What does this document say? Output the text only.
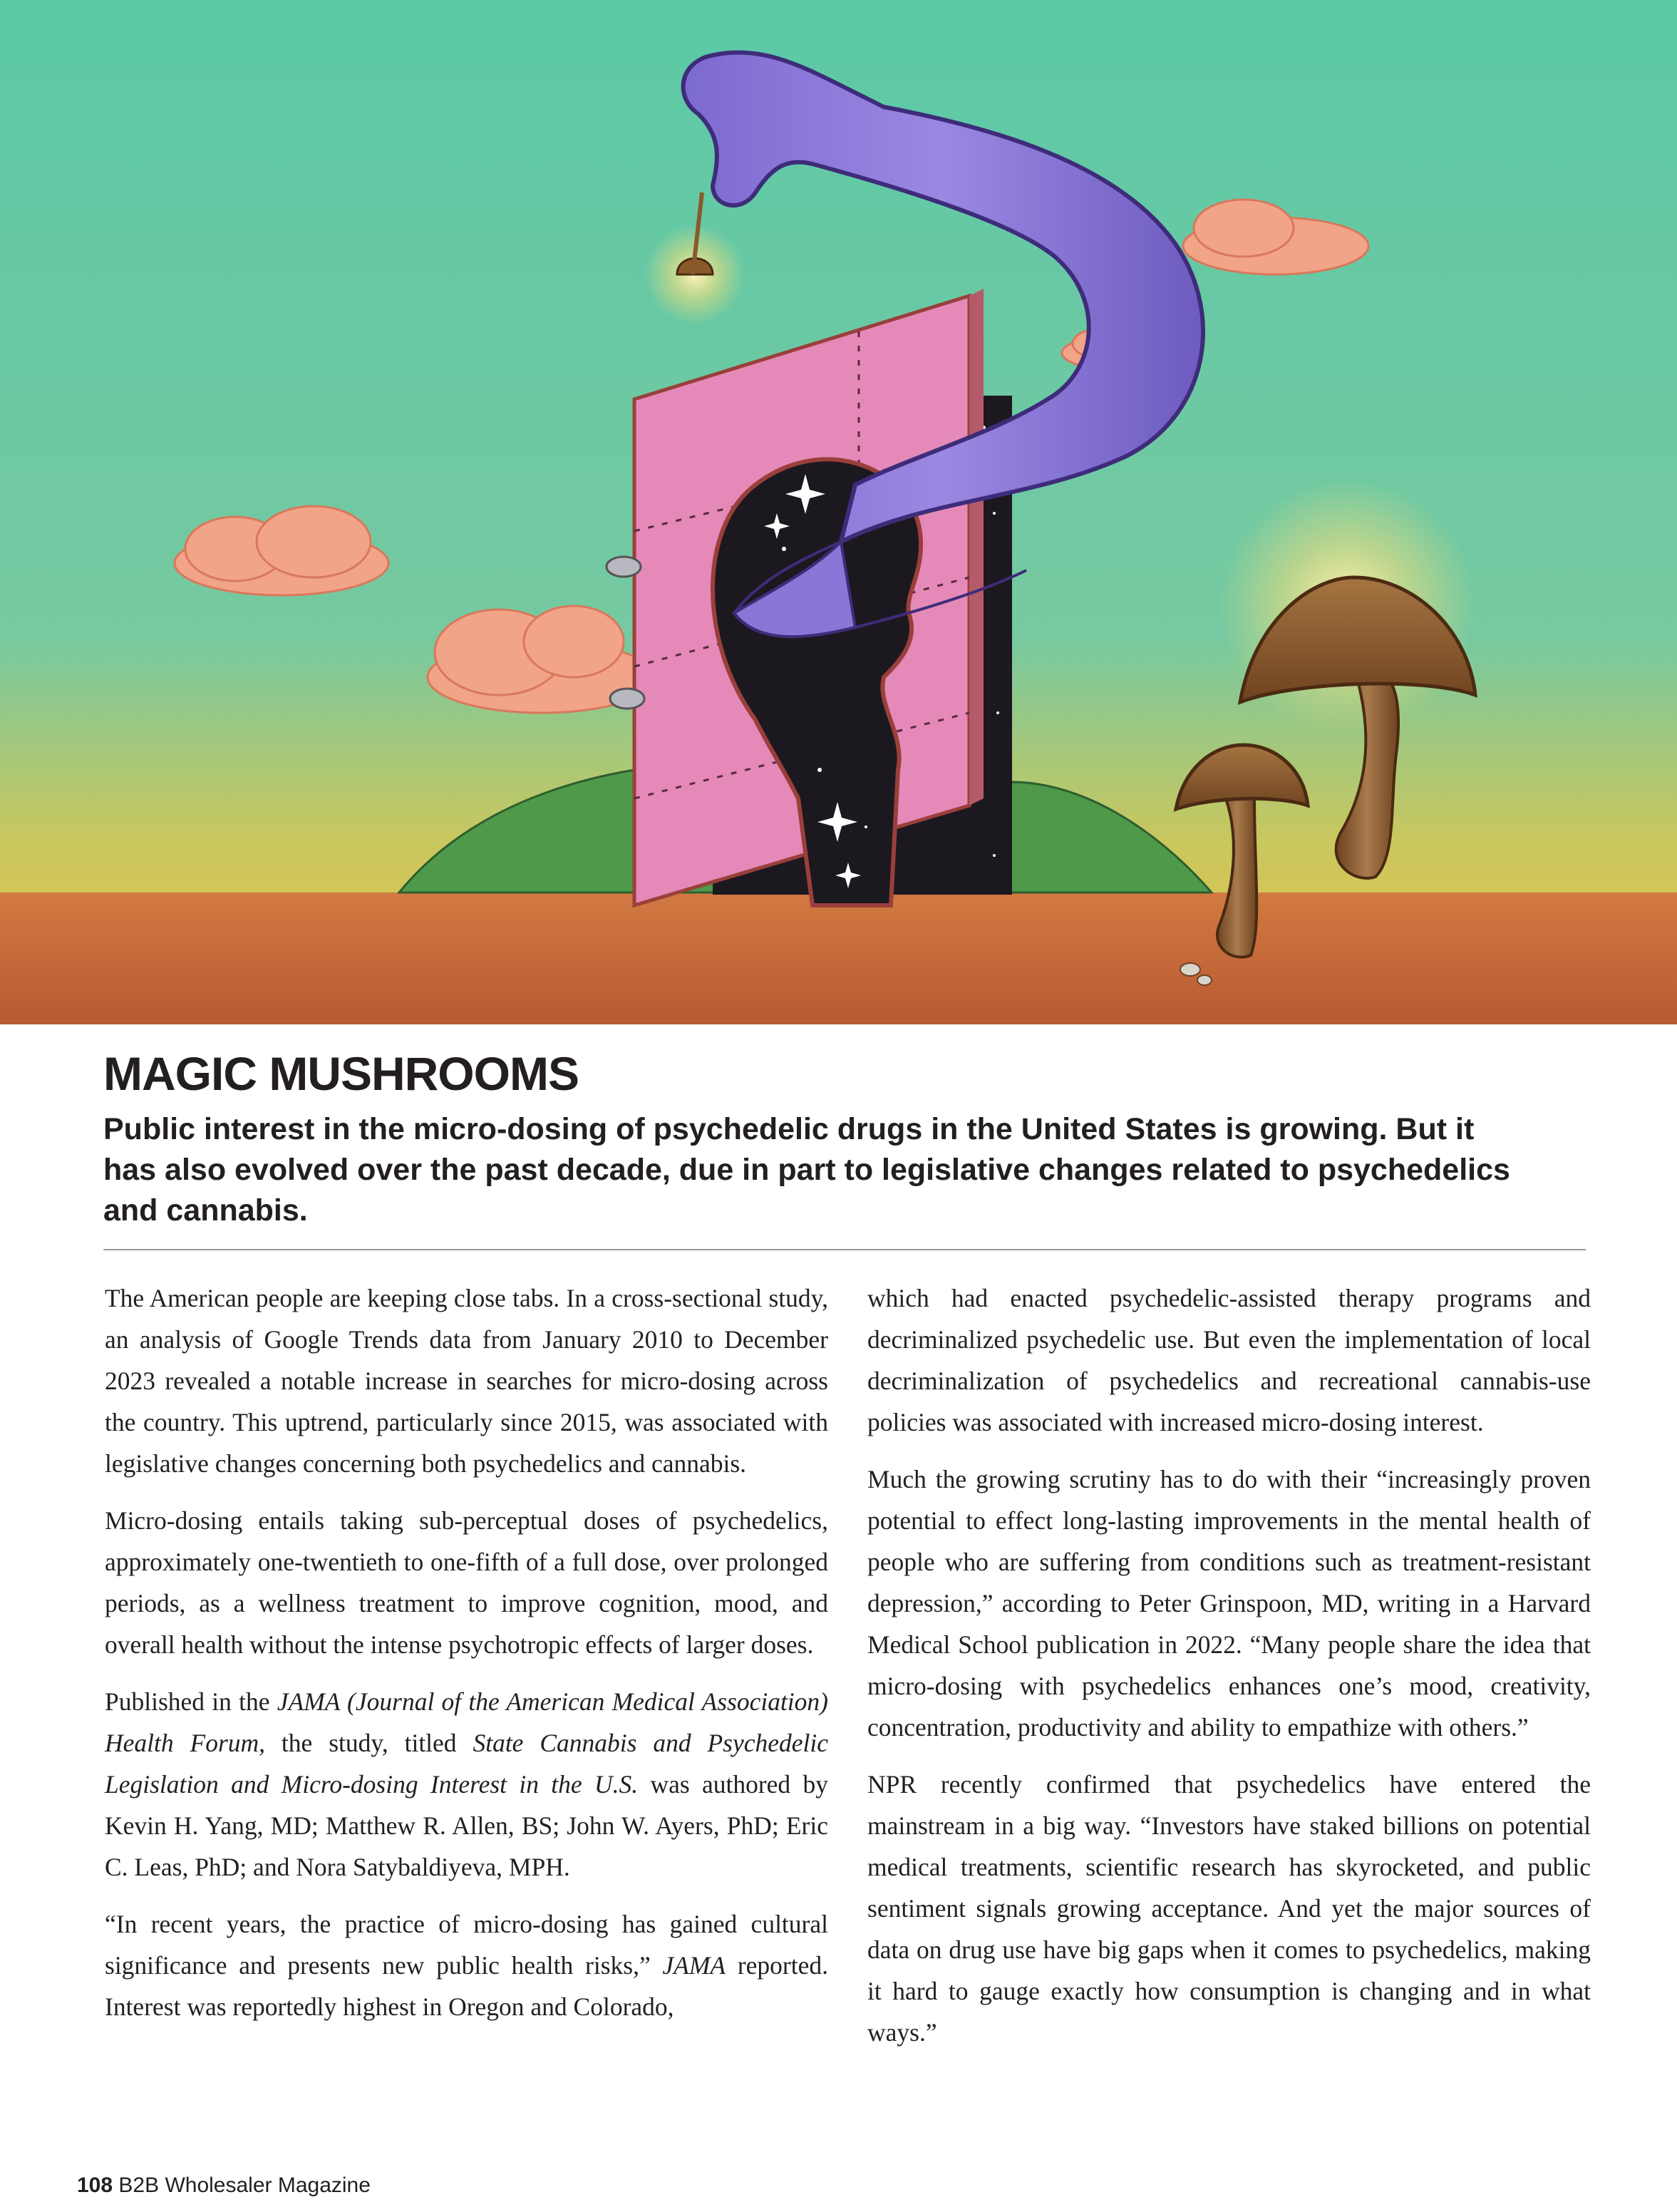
MAGIC MUSHROOMS

Public interest in the micro-dosing of psychedelic drugs in the United States is growing. But it has also evolved over the past decade, due in part to legislative changes related to psychedelics and cannabis.

The American people are keeping close tabs. In a cross-sectional study, an analysis of Google Trends data from January 2010 to December 2023 revealed a notable increase in searches for micro-dosing across the country. This uptrend, particularly since 2015, was associated with legislative changes concerning both psychedelics and cannabis.

Micro-dosing entails taking sub-perceptual doses of psychedelics, approximately one-twentieth to one-fifth of a full dose, over prolonged periods, as a wellness treatment to improve cognition, mood, and overall health without the intense psychotropic effects of larger doses.

Published in the JAMA (Journal of the American Medical Association) Health Forum, the study, titled State Cannabis and Psychedelic Legislation and Micro-dosing Interest in the U.S. was authored by Kevin H. Yang, MD; Matthew R. Allen, BS; John W. Ayers, PhD; Eric C. Leas, PhD; and Nora Satybaldiyeva, MPH.

“In recent years, the practice of micro-dosing has gained cultural significance and presents new public health risks,” JAMA reported. Interest was reportedly highest in Oregon and Colorado,

which had enacted psychedelic-assisted therapy programs and decriminalized psychedelic use. But even the implementation of local decriminalization of psychedelics and recreational cannabis-use policies was associated with increased micro-dosing interest.

Much the growing scrutiny has to do with their “increasingly proven potential to effect long-lasting improvements in the mental health of people who are suffering from conditions such as treatment-resistant depression,” according to Peter Grinspoon, MD, writing in a Harvard Medical School publication in 2022. “Many people share the idea that micro-dosing with psychedelics enhances one’s mood, creativity, concentration, productivity and ability to empathize with others.”

NPR recently confirmed that psychedelics have entered the mainstream in a big way. “Investors have staked billions on potential medical treatments, scientific research has skyrocketed, and public sentiment signals growing acceptance. And yet the major sources of data on drug use have big gaps when it comes to psychedelics, making it hard to gauge exactly how consumption is changing and in what ways.”

108 B2B Wholesaler Magazine
